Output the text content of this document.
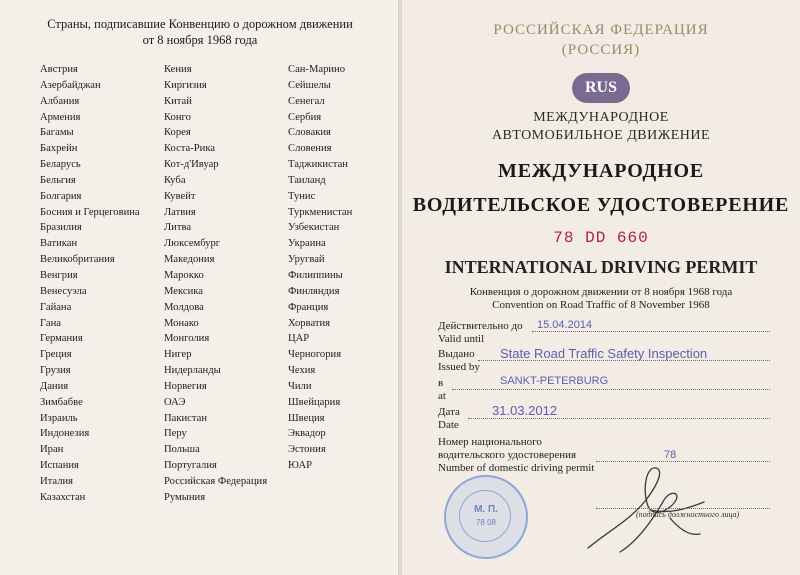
Страны, подписавшие Конвенцию о дорожном движении
от 8 ноября 1968 года
Австрия
Азербайджан
Албания
Армения
Багамы
Бахрейн
Беларусь
Бельгия
Болгария
Босния и Герцеговина
Бразилия
Ватикан
Великобритания
Венгрия
Венесуэла
Гайана
Гана
Германия
Греция
Грузия
Дания
Зимбабве
Израиль
Индонезия
Иран
Испания
Италия
Казахстан
Кения
Киргизия
Китай
Конго
Корея
Коста-Рика
Кот-д'Ивуар
Куба
Кувейт
Латвия
Литва
Люксембург
Македония
Марокко
Мексика
Молдова
Монако
Монголия
Нигер
Нидерланды
Норвегия
ОАЭ
Пакистан
Перу
Польша
Португалия
Российская Федерация
Румыния
Сан-Марино
Сейшелы
Сенегал
Сербия
Словакия
Словения
Таджикистан
Таиланд
Тунис
Туркменистан
Узбекистан
Украина
Уругвай
Филиппины
Финляндия
Франция
Хорватия
ЦАР
Черногория
Чехия
Чили
Швейцария
Швеция
Эквадор
Эстония
ЮАР
РОССИЙСКАЯ ФЕДЕРАЦИЯ
(РОССИЯ)
RUS
МЕЖДУНАРОДНОЕ
АВТОМОБИЛЬНОЕ ДВИЖЕНИЕ
МЕЖДУНАРОДНОЕ
ВОДИТЕЛЬСКОЕ УДОСТОВЕРЕНИЕ
78 DD 660
INTERNATIONAL DRIVING PERMIT
Конвенция о дорожном движении от 8 ноября 1968 года
Convention on Road Traffic of 8 November 1968
Действительно до
Valid until
15.04.2014
Выдано
Issued by
State Road Traffic Safety Inspection
в
at
SANKT-PETERBURG
Дата
Date
31.03.2012
Номер национального
водительского удостоверения
Number of domestic driving permit
78
М. П.
78 08
(подпись должностного лица)
